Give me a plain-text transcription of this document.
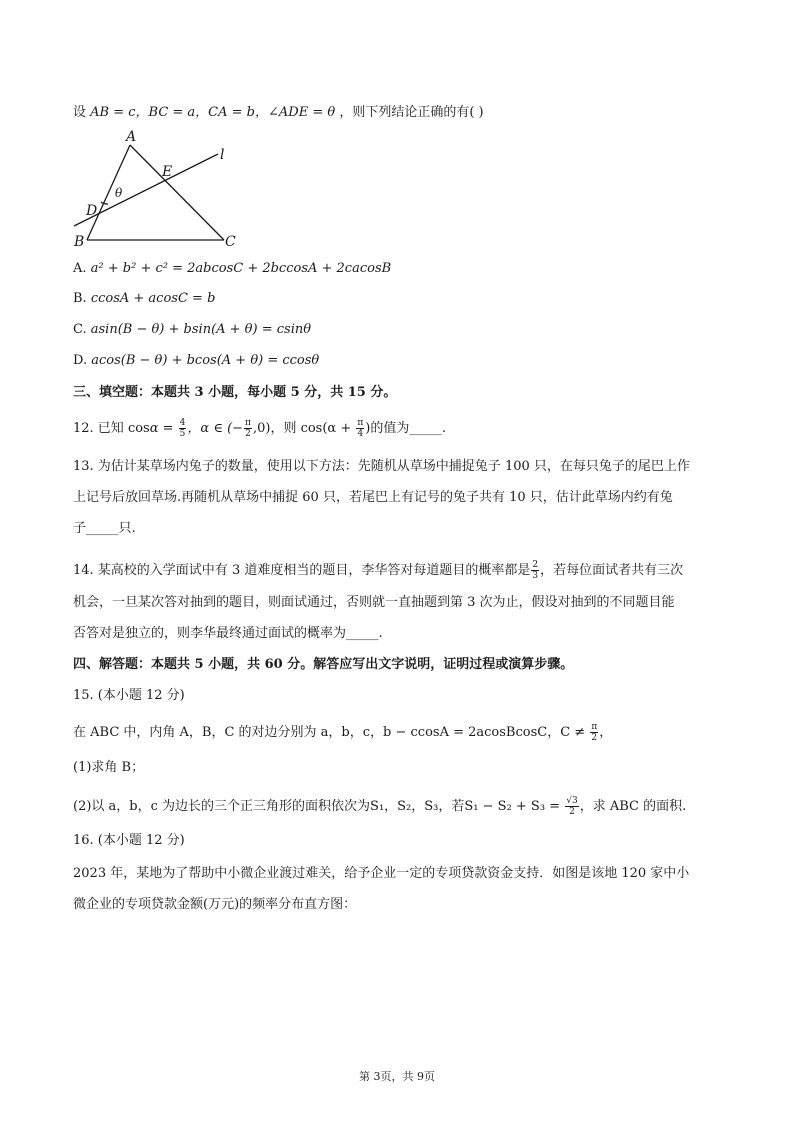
设 AB = c，BC = a，CA = b，∠ADE = θ ，则下列结论正确的有( )
A
B	C
D
E
l
θ
A. a² + b² + c² = 2abcosC + 2bccosA + 2cacosB
B. ccosA + acosC = b
C. asin(B − θ) + bsin(A + θ) = csinθ
D. acos(B − θ) + bcos(A + θ) = ccosθ
三、填空题：本题共 3 小题，每小题 5 分，共 15 分。
12. 已知 $\cos\alpha = \frac{4}{5}$ ，α ∈ (− $\frac{\pi}{2} ,0$)，则 $\cos(\alpha + \frac{\pi}{4}$ )的值为_____.
13. 为估计某草场内兔子的数量，使用以下方法：先随机从草场中捕捉兔子 100 只，在每只兔子的尾巴上作
上记号后放回草场.再随机从草场中捕捉 60 只，若尾巴上有记号的兔子共有 10 只，估计此草场内约有兔
子_____只.
14. 某高校的入学面试中有 3 道难度相当的题目，李华答对每道题目的概率都是 $\frac{2}{3}$ ，若每位面试者共有三次
机会，一旦某次答对抽到的题目，则面试通过，否则就一直抽题到第 3 次为止，假设对抽到的不同题目能
否答对是独立的，则李华最终通过面试的概率为_____.
四、解答题：本题共 5 小题，共 60 分。解答应写出文字说明，证明过程或演算步骤。
15. (本小题 12 分)
在 ABC 中，内角 A，B，C 的对边分别为 a，b，c，b − ccosA = 2acosBcosC，$C \ne \frac{\pi}{2}$ ，
(1)求角 B；
(2)以 a，b，c 为边长的三个正三角形的面积依次为S₁，S₂，S₃，若$S_1 - S_2 + S_3 = \frac{√3}{2}$ ，求 ABC 的面积.
16. (本小题 12 分)
2023 年，某地为了帮助中小微企业渡过难关，给予企业一定的专项贷款资金支持．如图是该地 120 家中小
微企业的专项贷款金额(万元)的频率分布直方图：
第 3页，共 9页
